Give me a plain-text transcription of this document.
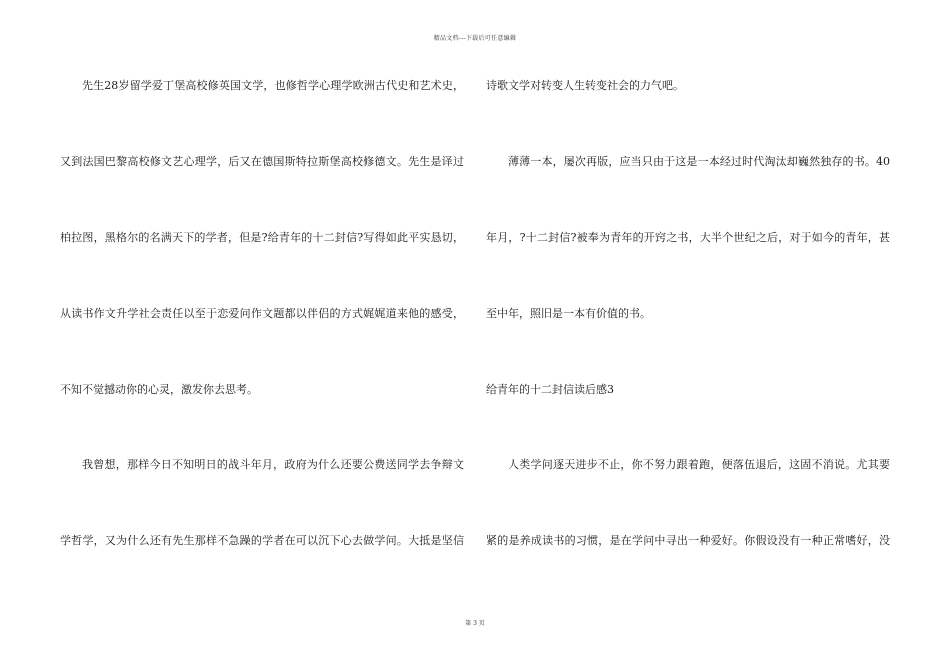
精品文档---下载后可任意编辑
先生28岁留学爱丁堡高校修英国文学，也修哲学心理学欧洲古代史和艺术史，
又到法国巴黎高校修文艺心理学，后又在德国斯特拉斯堡高校修德文。先生是译过
柏拉图，黑格尔的名满天下的学者，但是?给青年的十二封信?写得如此平实恳切，
从读书作文升学社会责任以至于恋爱问作文题都以伴侣的方式娓娓道来他的感受，
不知不觉撼动你的心灵，激发你去思考。
我曾想，那样今日不知明日的战斗年月，政府为什么还要公费送同学去争辩文
学哲学，又为什么还有先生那样不急躁的学者在可以沉下心去做学问。大抵是坚信
诗歌文学对转变人生转变社会的力气吧。
薄薄一本，屡次再版，应当只由于这是一本经过时代淘汰却巍然独存的书。40
年月，?十二封信?被奉为青年的开窍之书，大半个世纪之后，对于如今的青年，甚
至中年，照旧是一本有价值的书。
给青年的十二封信读后感3
人类学问逐天进步不止，你不努力跟着跑，便落伍退后，这固不消说。尤其要
紧的是养成读书的习惯，是在学问中寻出一种爱好。你假设没有一种正常嗜好，没
第 3 页
